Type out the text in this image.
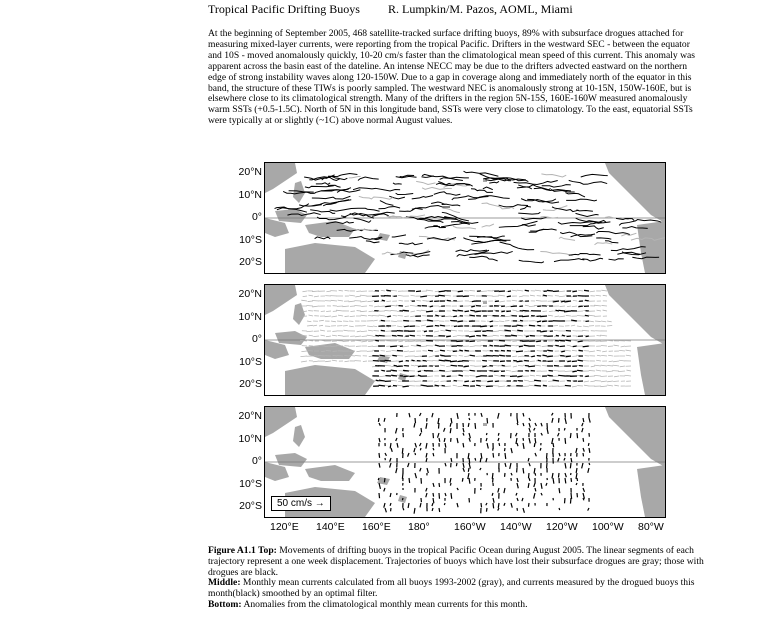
Tropical Pacific Drifting Buoys R. Lumpkin/M. Pazos, AOML, Miami
At the beginning of September 2005, 468 satellite-tracked surface drifting buoys, 89% with subsurface drogues attached for measuring mixed-layer currents, were reporting from the tropical Pacific. Drifters in the westward SEC - between the equator and 10S - moved anomalously quickly, 10-20 cm/s faster than the climatological mean speed of this current. This anomaly was apparent across the basin east of the dateline. An intense NECC may be due to the drifters advected eastward on the northern edge of strong instability waves along 120-150W. Due to a gap in coverage along and immediately north of the equator in this band, the structure of these TIWs is poorly sampled. The westward NEC is anomalously strong at 10-15N, 150W-160E, but is elsewhere close to its climatological strength. Many of the drifters in the region 5N-15S, 160E-160W measured anomalously warm SSTs (+0.5-1.5C). North of 5N in this longitude band, SSTs were very close to climatology. To the east, equatorial SSTs were typically at or slightly (~1C) above normal August values.
20°N
10°N
0°
10°S
20°S
20°N
10°N
0°
10°S
20°S
20°N
10°N
0°
10°S
20°S	50 cm/s →
120°E 140°E 160°E 180° 160°W 140°W 120°W 100°W 80°W
Figure A1.1 Top: Movements of drifting buoys in the tropical Pacific Ocean during August 2005. The linear segments of each trajectory represent a one week displacement. Trajectories of buoys which have lost their subsurface drogues are gray; those with drogues are black.
Middle: Monthly mean currents calculated from all buoys 1993-2002 (gray), and currents measured by the drogued buoys this month(black) smoothed by an optimal filter.
Bottom: Anomalies from the climatological monthly mean currents for this month.
